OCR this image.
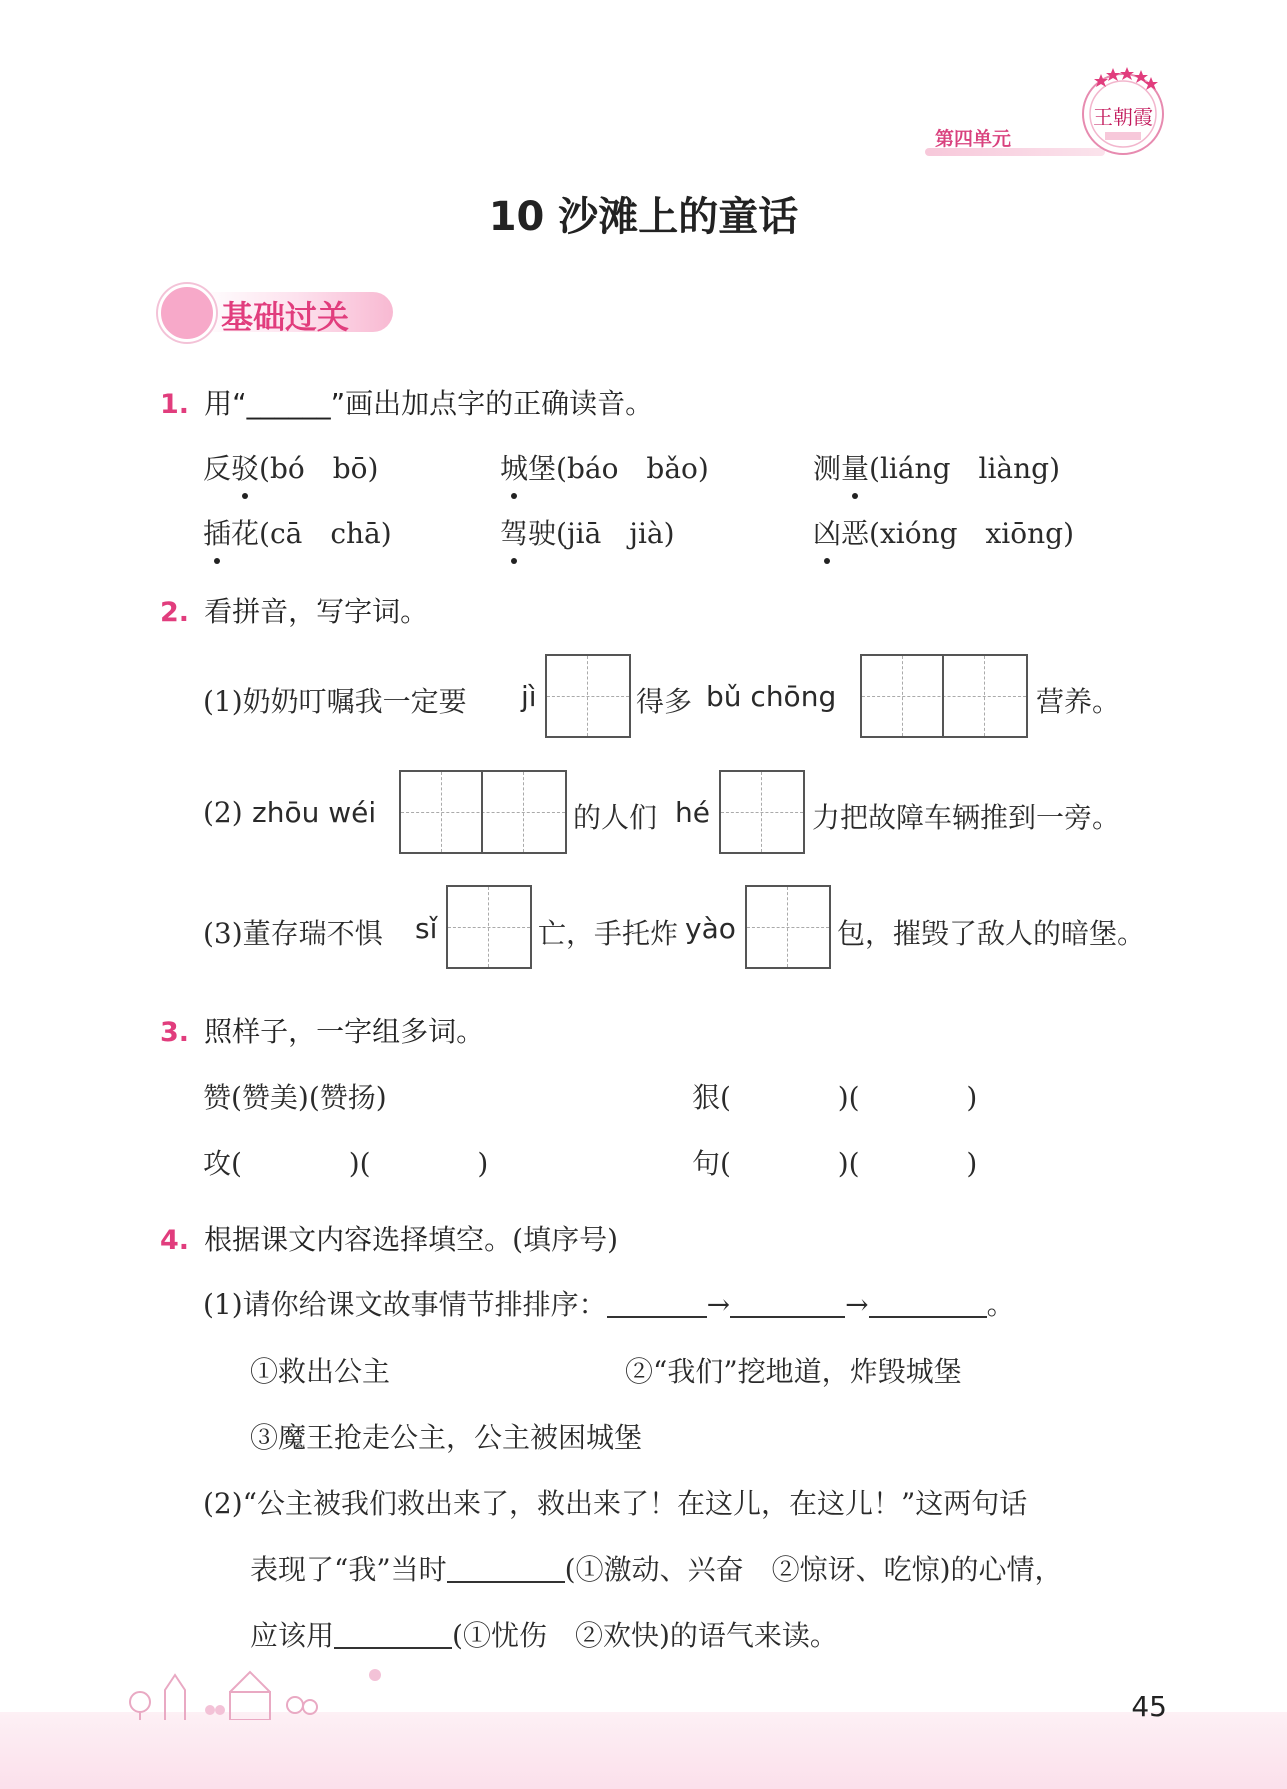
第四单元
王朝霞
10 沙滩上的童话
基础过关
1. 用“______”画出加点字的正确读音。
反驳(bó　bō)	城堡(báo　bǎo)	测量(liáng　liàng)
插花(cā　chā)	驾驶(jiā　jià)	凶恶(xióng　xiōng)
2. 看拼音，写字词。
(1)奶奶叮嘱我一定要 jì	得多 bǔ chōng	营养。
(2) zhōu wéi	的人们 hé	力把故障车辆推到一旁。
(3)董存瑞不惧 sǐ	亡，手托炸 yào	包，摧毁了敌人的暗堡。
3. 照样子，一字组多词。
赞(赞美)(赞扬)	狠(            )(            )
攻(            )(            )	句(            )(            )
4. 根据课文内容选择填空。(填序号)
(1)请你给课文故事情节排排序：	→	→	。
①救出公主	②“我们”挖地道，炸毁城堡
③魔王抢走公主，公主被困城堡
(2)“公主被我们救出来了，救出来了！在这儿，在这儿！”这两句话
表现了“我”当时	(①激动、兴奋　②惊讶、吃惊)的心情，
应该用	(①忧伤　②欢快)的语气来读。
45
